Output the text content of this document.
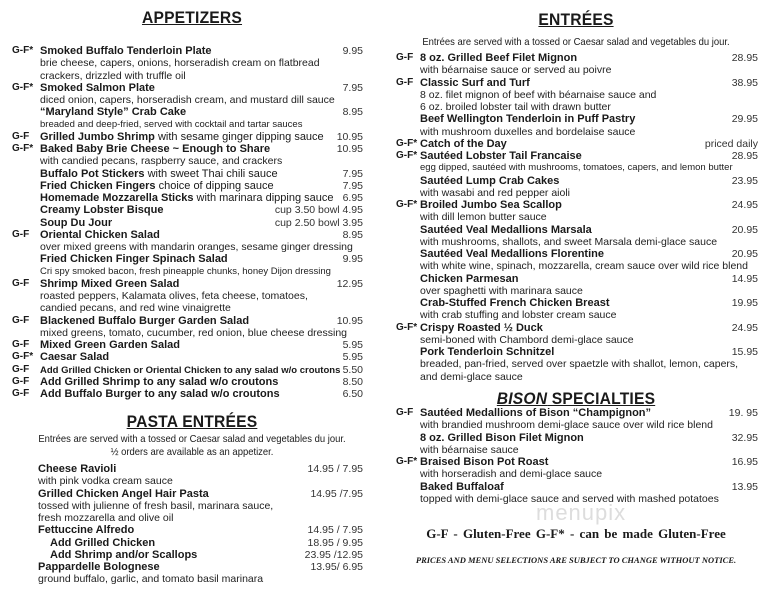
APPETIZERS
G-F* Smoked Buffalo Tenderloin Plate	9.95
brie cheese, capers, onions, horseradish cream on flatbread
crackers, drizzled with truffle oil
G-F* Smoked Salmon Plate	7.95
diced onion, capers, horseradish cream, and mustard dill sauce
“Maryland Style” Crab Cake	8.95
breaded and deep-fried, served with cocktail and tartar sauces
G-F Grilled Jumbo Shrimp with sesame ginger dipping sauce 10.95
G-F* Baked Baby Brie Cheese ~ Enough to Share	10.95
with candied pecans, raspberry sauce, and crackers
Buffalo Pot Stickers with sweet Thai chili sauce	7.95
Fried Chicken Fingers choice of dipping sauce	7.95
Homemade Mozzarella Sticks with marinara dipping sauce 6.95
Creamy Lobster Bisque	cup 3.50 bowl 4.95
Soup Du Jour	cup 2.50 bowl 3.95
G-F Oriental Chicken Salad	8.95
over mixed greens with mandarin oranges, sesame ginger dressing
Fried Chicken Finger Spinach Salad	9.95
Cri spy smoked bacon, fresh pineapple chunks, honey Dijon dressing
G-F Shrimp Mixed Green Salad	12.95
roasted peppers, Kalamata olives, feta cheese, tomatoes,
candied pecans, and red wine vinaigrette
G-F Blackened Buffalo Burger Garden Salad	10.95
mixed greens, tomato, cucumber, red onion, blue cheese dressing
G-F Mixed Green Garden Salad	5.95
G-F* Caesar Salad	5.95
G-F Add Grilled Chicken or Oriental Chicken to any salad w/o croutons 5.50
G-F Add Grilled Shrimp to any salad w/o croutons	8.50
G-F Add Buffalo Burger to any salad w/o croutons	6.50
PASTA ENTRÉES
Entrées are served with a tossed or Caesar salad and vegetables du jour.
½ orders are available as an appetizer.
Cheese Ravioli	14.95 / 7.95
with pink vodka cream sauce
Grilled Chicken Angel Hair Pasta	14.95 /7.95
tossed with julienne of fresh basil, marinara sauce,
fresh mozzarella and olive oil
Fettuccine Alfredo	14.95 / 7.95
Add Grilled Chicken	18.95 / 9.95
Add Shrimp and/or Scallops	23.95 /12.95
Pappardelle Bolognese	13.95/ 6.95
ground buffalo, garlic, and tomato basil marinara
ENTRÉES
Entrées are served with a tossed or Caesar salad and vegetables du jour.
G-F 8 oz. Grilled Beef Filet Mignon	28.95
with béarnaise sauce or served au poivre
G-F Classic Surf and Turf	38.95
8 oz. filet mignon of beef with béarnaise sauce and
6 oz. broiled lobster tail with drawn butter
Beef Wellington Tenderloin in Puff Pastry	29.95
with mushroom duxelles and bordelaise sauce
G-F* Catch of the Day	priced daily
G-F* Sautéed Lobster Tail Francaise	28.95
egg dipped, sautéed with mushrooms, tomatoes, capers, and lemon butter
Sautéed Lump Crab Cakes	23.95
with wasabi and red pepper aioli
G-F* Broiled Jumbo Sea Scallop	24.95
with dill lemon butter sauce
Sautéed Veal Medallions Marsala	20.95
with mushrooms, shallots, and sweet Marsala demi-glace sauce
Sautéed Veal Medallions Florentine	20.95
with white wine, spinach, mozzarella, cream sauce over wild rice blend
Chicken Parmesan	14.95
over spaghetti with marinara sauce
Crab-Stuffed French Chicken Breast	19.95
with crab stuffing and lobster cream sauce
G-F* Crispy Roasted ½ Duck	24.95
semi-boned with Chambord demi-glace sauce
Pork Tenderloin Schnitzel	15.95
breaded, pan-fried, served over spaetzle with shallot, lemon, capers,
and demi-glace sauce
BISON SPECIALTIES
G-F Sautéed Medallions of Bison “Champignon”	19. 95
with brandied mushroom demi-glace sauce over wild rice blend
8 oz. Grilled Bison Filet Mignon	32.95
with béarnaise sauce
G-F* Braised Bison Pot Roast	16.95
with horseradish and demi-glace sauce
Baked Buffaloaf	13.95
topped with demi-glace sauce and served with mashed potatoes
G-F - Gluten-Free G-F* - can be made Gluten-Free
PRICES AND MENU SELECTIONS ARE SUBJECT TO CHANGE WITHOUT NOTICE.
menupix
